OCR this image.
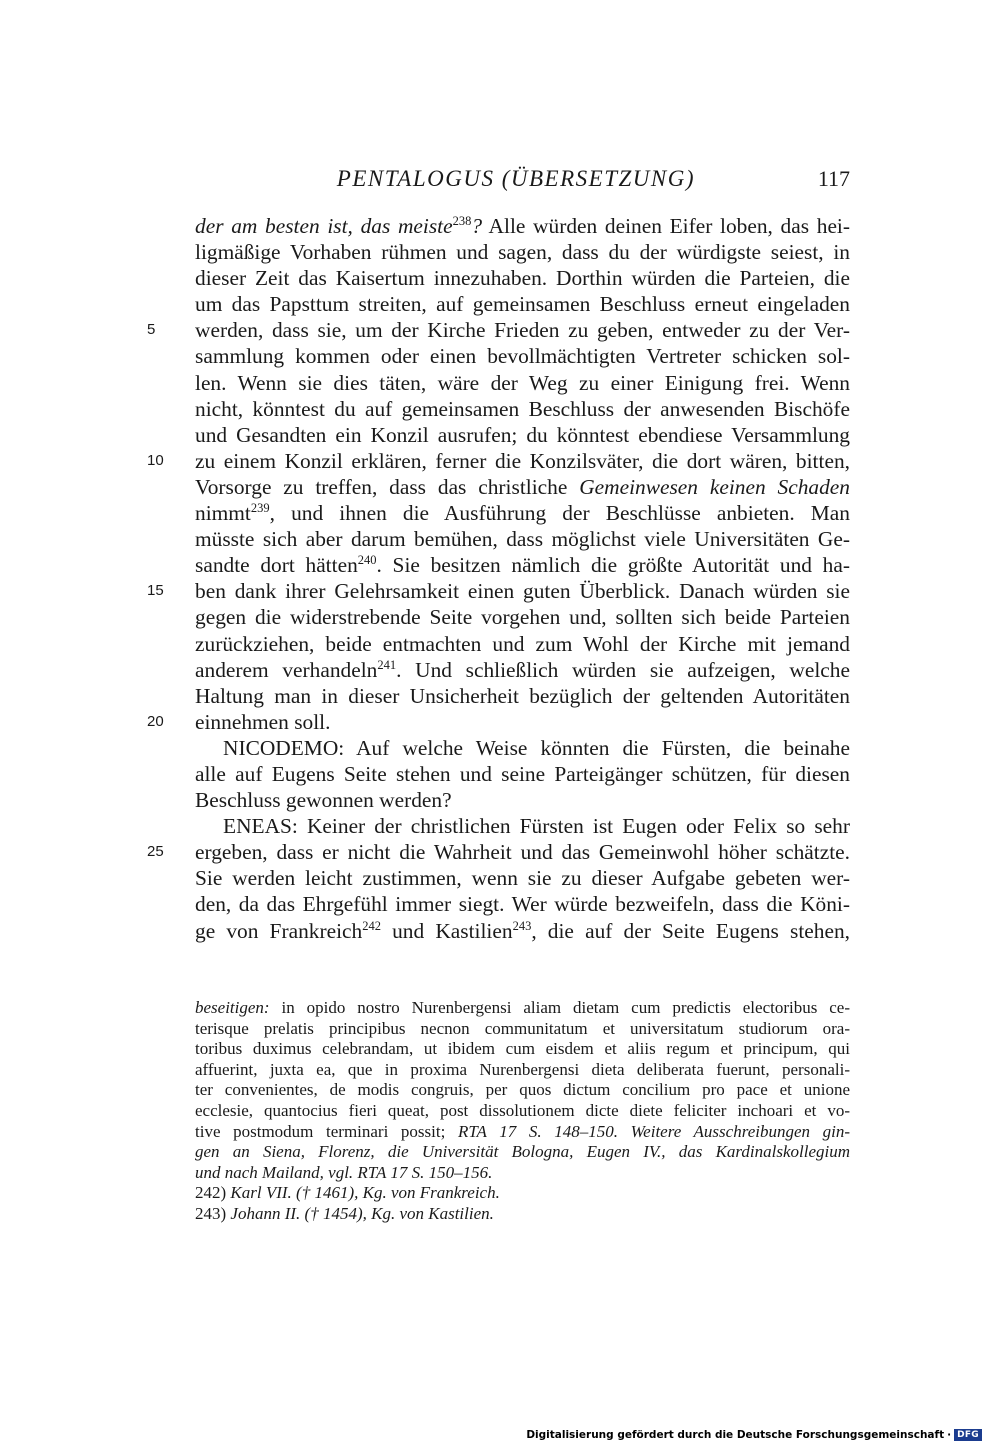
PENTALOGUS (ÜBERSETZUNG)	117
der am besten ist, das meiste$^{238}$? Alle würden deinen Eifer loben, das hei-
ligmäßige Vorhaben rühmen und sagen, dass du der würdigste seiest, in
dieser Zeit das Kaisertum innezuhaben. Dorthin würden die Parteien, die
um das Papsttum streiten, auf gemeinsamen Beschluss erneut eingeladen
5	werden, dass sie, um der Kirche Frieden zu geben, entweder zu der Ver-
sammlung kommen oder einen bevollmächtigten Vertreter schicken sol-
len. Wenn sie dies täten, wäre der Weg zu einer Einigung frei. Wenn
nicht, könntest du auf gemeinsamen Beschluss der anwesenden Bischöfe
und Gesandten ein Konzil ausrufen; du könntest ebendiese Versammlung
10	zu einem Konzil erklären, ferner die Konzilsväter, die dort wären, bitten,
Vorsorge zu treffen, dass das christliche Gemeinwesen keinen Schaden
nimmt$^{239}$, und ihnen die Ausführung der Beschlüsse anbieten. Man
müsste sich aber darum bemühen, dass möglichst viele Universitäten Ge-
sandte dort hätten$^{240}$. Sie besitzen nämlich die größte Autorität und ha-
15	ben dank ihrer Gelehrsamkeit einen guten Überblick. Danach würden sie
gegen die widerstrebende Seite vorgehen und, sollten sich beide Parteien
zurückziehen, beide entmachten und zum Wohl der Kirche mit jemand
anderem verhandeln$^{241}$. Und schließlich würden sie aufzeigen, welche
Haltung man in dieser Unsicherheit bezüglich der geltenden Autoritäten
20	einnehmen soll.
NICODEMO: Auf welche Weise könnten die Fürsten, die beinahe
alle auf Eugens Seite stehen und seine Parteigänger schützen, für diesen
Beschluss gewonnen werden?
ENEAS: Keiner der christlichen Fürsten ist Eugen oder Felix so sehr
25	ergeben, dass er nicht die Wahrheit und das Gemeinwohl höher schätzte.
Sie werden leicht zustimmen, wenn sie zu dieser Aufgabe gebeten wer-
den, da das Ehrgefühl immer siegt. Wer würde bezweifeln, dass die Köni-
ge von Frankreich$^{242}$ und Kastilien$^{243}$, die auf der Seite Eugens stehen,
beseitigen: in opido nostro Nurenbergensi aliam dietam cum predictis electoribus ce-
terisque prelatis principibus necnon communitatum et universitatum studiorum ora-
toribus duximus celebrandam, ut ibidem cum eisdem et aliis regum et principum, qui
affuerint, juxta ea, que in proxima Nurenbergensi dieta deliberata fuerunt, personali-
ter convenientes, de modis congruis, per quos dictum concilium pro pace et unione
ecclesie, quantocius fieri queat, post dissolutionem dicte diete feliciter inchoari et vo-
tive postmodum terminari possit; RTA 17 S. 148–150. Weitere Ausschreibungen gin-
gen an Siena, Florenz, die Universität Bologna, Eugen IV., das Kardinalskollegium
und nach Mailand, vgl. RTA 17 S. 150–156.
242) Karl VII. († 1461), Kg. von Frankreich.
243) Johann II. († 1454), Kg. von Kastilien.
Digitalisierung gefördert durch die Deutsche Forschungsgemeinschaft · DFG
